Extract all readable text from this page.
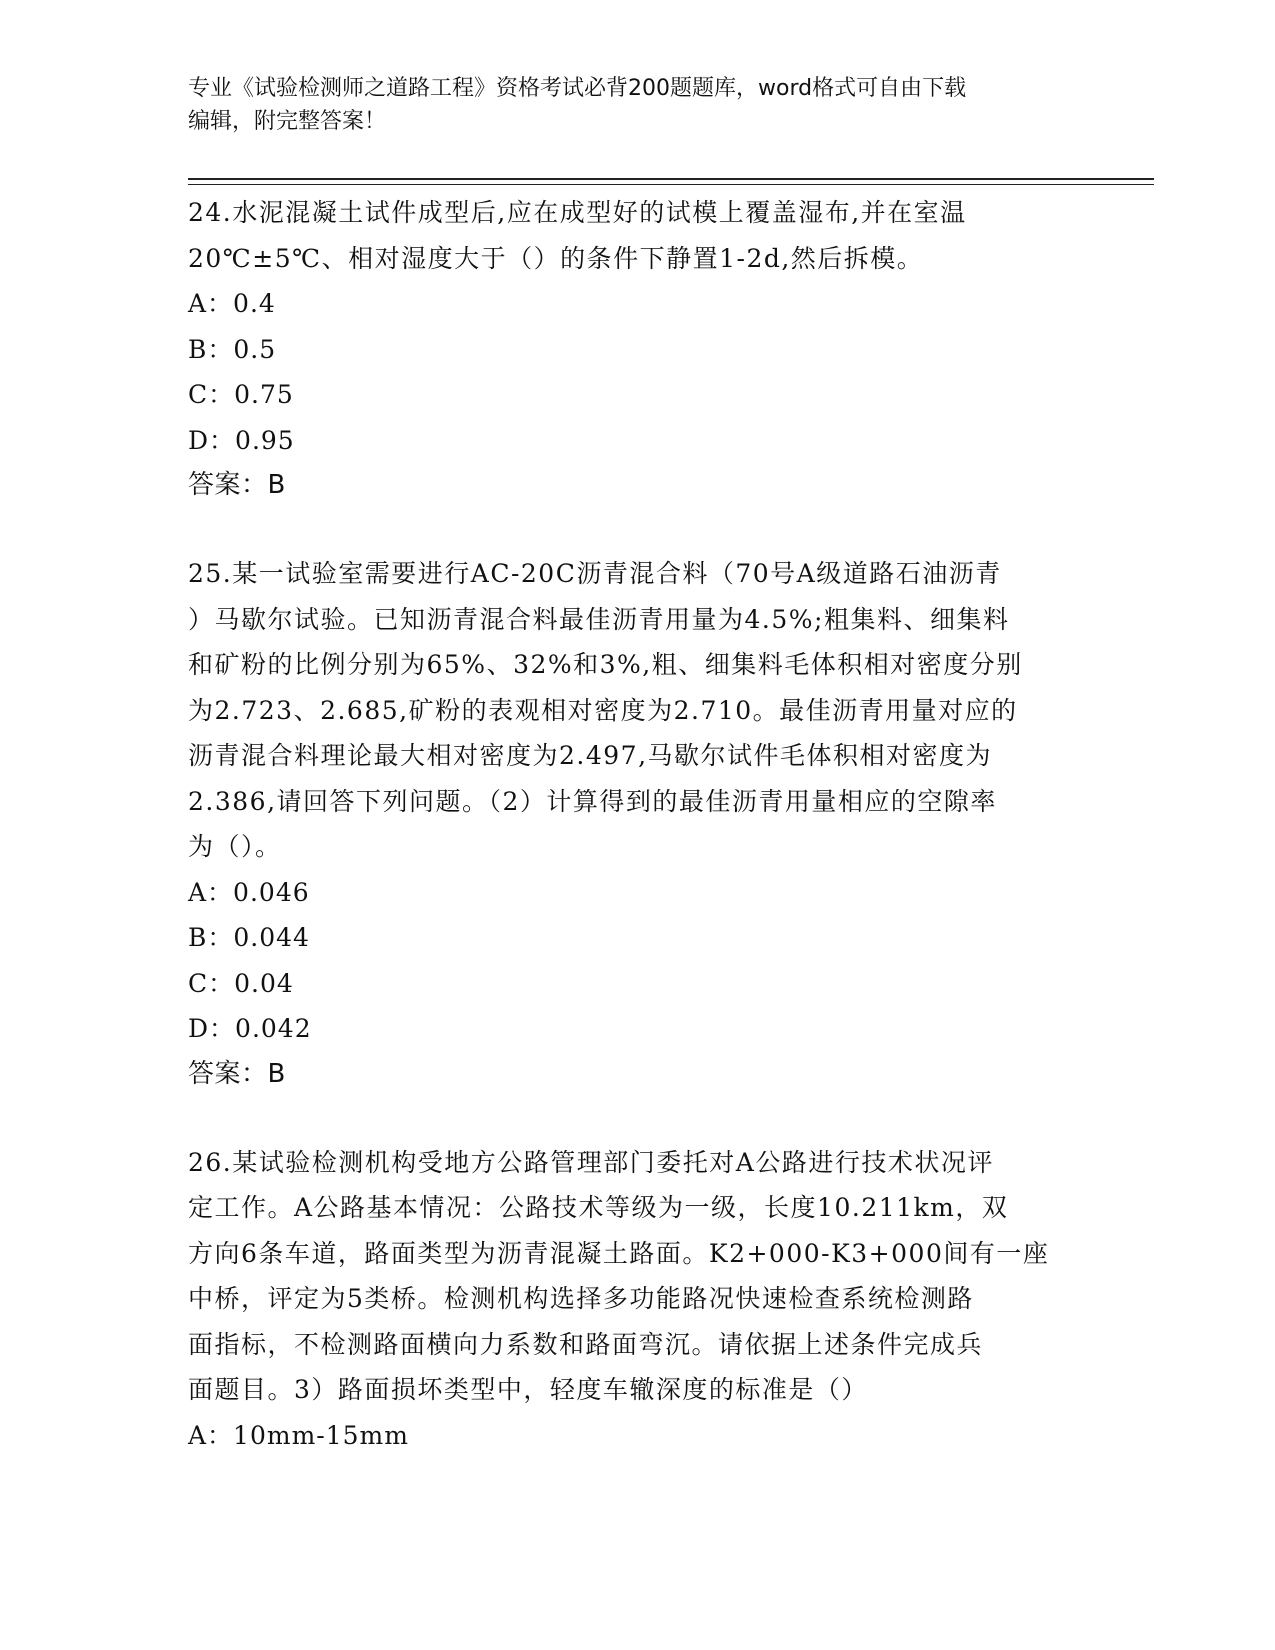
专业《试验检测师之道路工程》资格考试必背200题题库，word格式可自由下载
编辑，附完整答案！
24.水泥混凝土试件成型后,应在成型好的试模上覆盖湿布,并在室温
20℃±5℃、相对湿度大于（）的条件下静置1-2d,然后拆模。
A：0.4
B：0.5
C：0.75
D：0.95
答案：B
25.某一试验室需要进行AC-20C沥青混合料（70号A级道路石油沥青
）马歇尔试验。已知沥青混合料最佳沥青用量为4.5%;粗集料、细集料
和矿粉的比例分别为65%、32%和3%,粗、细集料毛体积相对密度分别
为2.723、2.685,矿粉的表观相对密度为2.710。最佳沥青用量对应的
沥青混合料理论最大相对密度为2.497,马歇尔试件毛体积相对密度为
2.386,请回答下列问题。（2）计算得到的最佳沥青用量相应的空隙率
为（）。
A：0.046
B：0.044
C：0.04
D：0.042
答案：B
26.某试验检测机构受地方公路管理部门委托对A公路进行技术状况评
定工作。A公路基本情况：公路技术等级为一级，长度10.211km，双
方向6条车道，路面类型为沥青混凝土路面。K2+000-K3+000间有一座
中桥，评定为5类桥。检测机构选择多功能路况快速检查系统检测路
面指标，不检测路面横向力系数和路面弯沉。请依据上述条件完成兵
面题目。3）路面损坏类型中，轻度车辙深度的标准是（）
A：10mm-15mm
